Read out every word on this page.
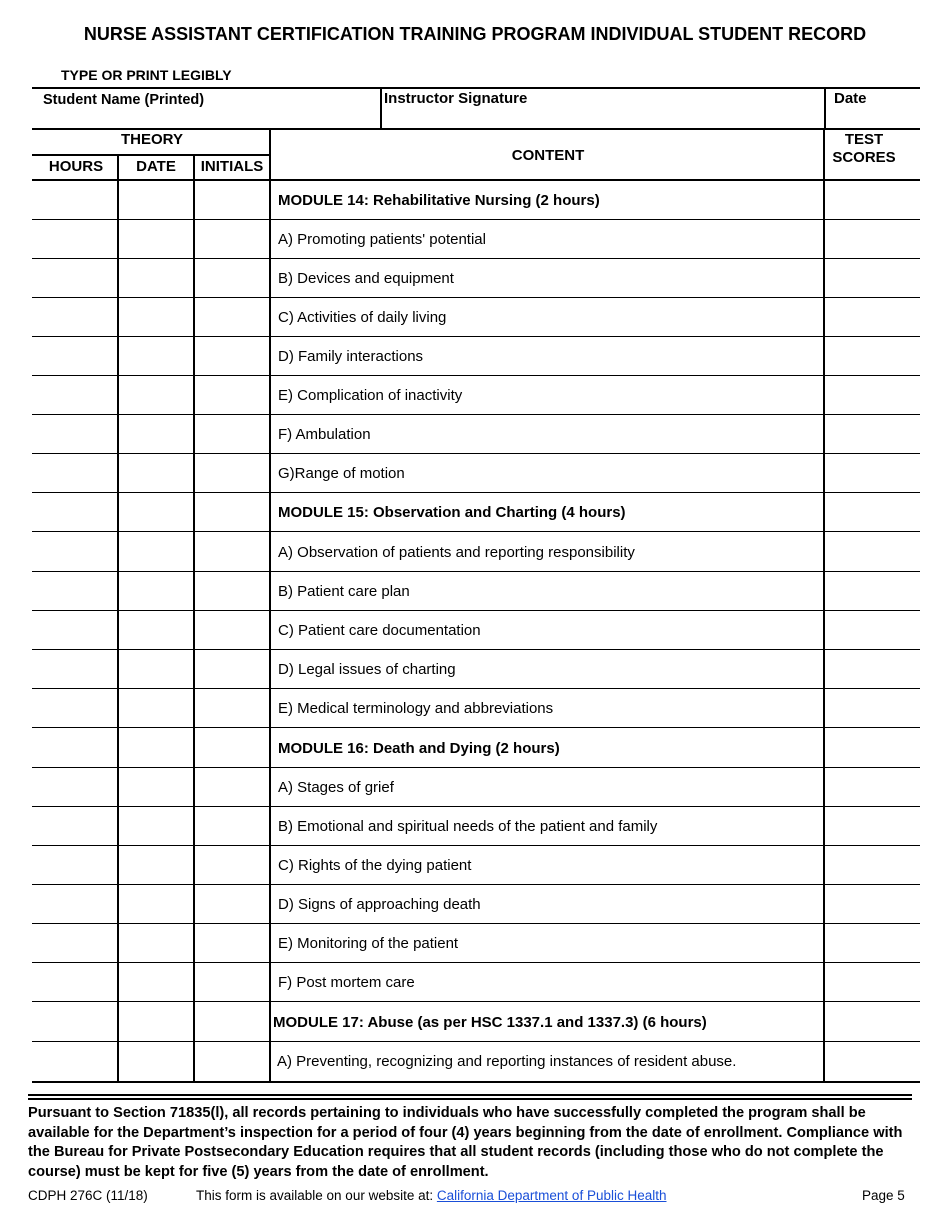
NURSE ASSISTANT CERTIFICATION TRAINING PROGRAM INDIVIDUAL STUDENT RECORD
TYPE OR PRINT LEGIBLY
Student Name (Printed)	Instructor Signature	Date
THEORY
HOURS	DATE	INITIALS
CONTENT
TEST SCORES
MODULE 14: Rehabilitative Nursing (2 hours)
A) Promoting patients' potential
B) Devices and equipment
C) Activities of daily living
D) Family interactions
E) Complication of inactivity
F) Ambulation
G)Range of motion
MODULE 15: Observation and Charting (4 hours)
A) Observation of patients and reporting responsibility
B) Patient care plan
C) Patient care documentation
D) Legal issues of charting
E) Medical terminology and abbreviations
MODULE 16: Death and Dying (2 hours)
A) Stages of grief
B) Emotional and spiritual needs of the patient and family
C) Rights of the dying patient
D) Signs of approaching death
E) Monitoring of the patient
F) Post mortem care
MODULE 17: Abuse (as per HSC 1337.1 and 1337.3) (6 hours)
A) Preventing, recognizing and reporting instances of resident abuse.
Pursuant to Section 71835(l), all records pertaining to individuals who have successfully completed the program shall be available for the Department’s inspection for a period of four (4) years beginning from the date of enrollment. Compliance with the Bureau for Private Postsecondary Education requires that all student records (including those who do not complete the course) must be kept for five (5) years from the date of enrollment.
CDPH 276C (11/18)	This form is available on our website at: California Department of Public Health	Page 5
